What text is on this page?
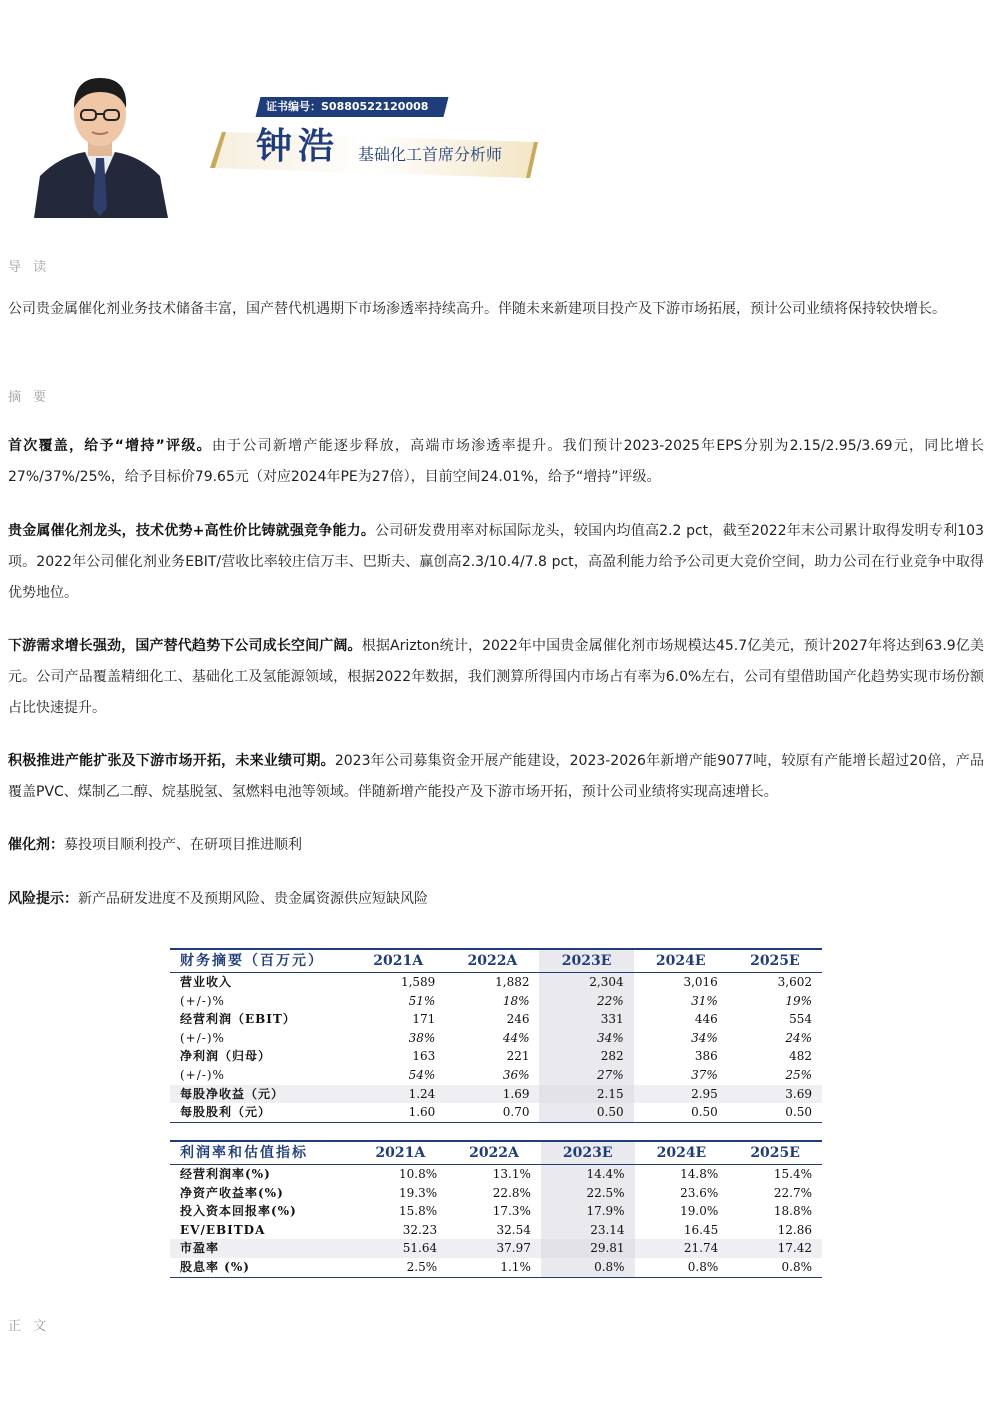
证书编号：S0880522120008
钟浩 基础化工首席分析师
导 读
公司贵金属催化剂业务技术储备丰富，国产替代机遇期下市场渗透率持续高升。伴随未来新建项目投产及下游市场拓展，预计公司业绩将保持较快增长。
摘 要
首次覆盖，给予“增持”评级。由于公司新增产能逐步释放，高端市场渗透率提升。我们预计2023-2025年EPS分别为2.15/2.95/3.69元，同比增长27%/37%/25%，给予目标价79.65元（对应2024年PE为27倍），目前空间24.01%，给予“增持”评级。
贵金属催化剂龙头，技术优势+高性价比铸就强竞争能力。公司研发费用率对标国际龙头，较国内均值高2.2 pct，截至2022年末公司累计取得发明专利103项。2022年公司催化剂业务EBIT/营收比率较庄信万丰、巴斯夫、赢创高2.3/10.4/7.8 pct，高盈利能力给予公司更大竞价空间，助力公司在行业竞争中取得优势地位。
下游需求增长强劲，国产替代趋势下公司成长空间广阔。根据Arizton统计，2022年中国贵金属催化剂市场规模达45.7亿美元，预计2027年将达到63.9亿美元。公司产品覆盖精细化工、基础化工及氢能源领域，根据2022年数据，我们测算所得国内市场占有率为6.0%左右，公司有望借助国产化趋势实现市场份额占比快速提升。
积极推进产能扩张及下游市场开拓，未来业绩可期。2023年公司募集资金开展产能建设，2023-2026年新增产能9077吨，较原有产能增长超过20倍，产品覆盖PVC、煤制乙二醇、烷基脱氢、氢燃料电池等领域。伴随新增产能投产及下游市场开拓，预计公司业绩将实现高速增长。
催化剂：募投项目顺利投产、在研项目推进顺利
风险提示：新产品研发进度不及预期风险、贵金属资源供应短缺风险
财务摘要（百万元）	2021A	2022A	2023E	2024E	2025E
营业收入	1,589	1,882	2,304	3,016	3,602
(+/-)%	51%	18%	22%	31%	19%
经营利润（EBIT）	171	246	331	446	554
(+/-)%	38%	44%	34%	34%	24%
净利润（归母）	163	221	282	386	482
(+/-)%	54%	36%	27%	37%	25%
每股净收益（元）	1.24	1.69	2.15	2.95	3.69
每股股利（元）	1.60	0.70	0.50	0.50	0.50
利润率和估值指标	2021A	2022A	2023E	2024E	2025E
经营利润率(%)	10.8%	13.1%	14.4%	14.8%	15.4%
净资产收益率(%)	19.3%	22.8%	22.5%	23.6%	22.7%
投入资本回报率(%)	15.8%	17.3%	17.9%	19.0%	18.8%
EV/EBITDA	32.23	32.54	23.14	16.45	12.86
市盈率	51.64	37.97	29.81	21.74	17.42
股息率 (%)	2.5%	1.1%	0.8%	0.8%	0.8%
正 文
